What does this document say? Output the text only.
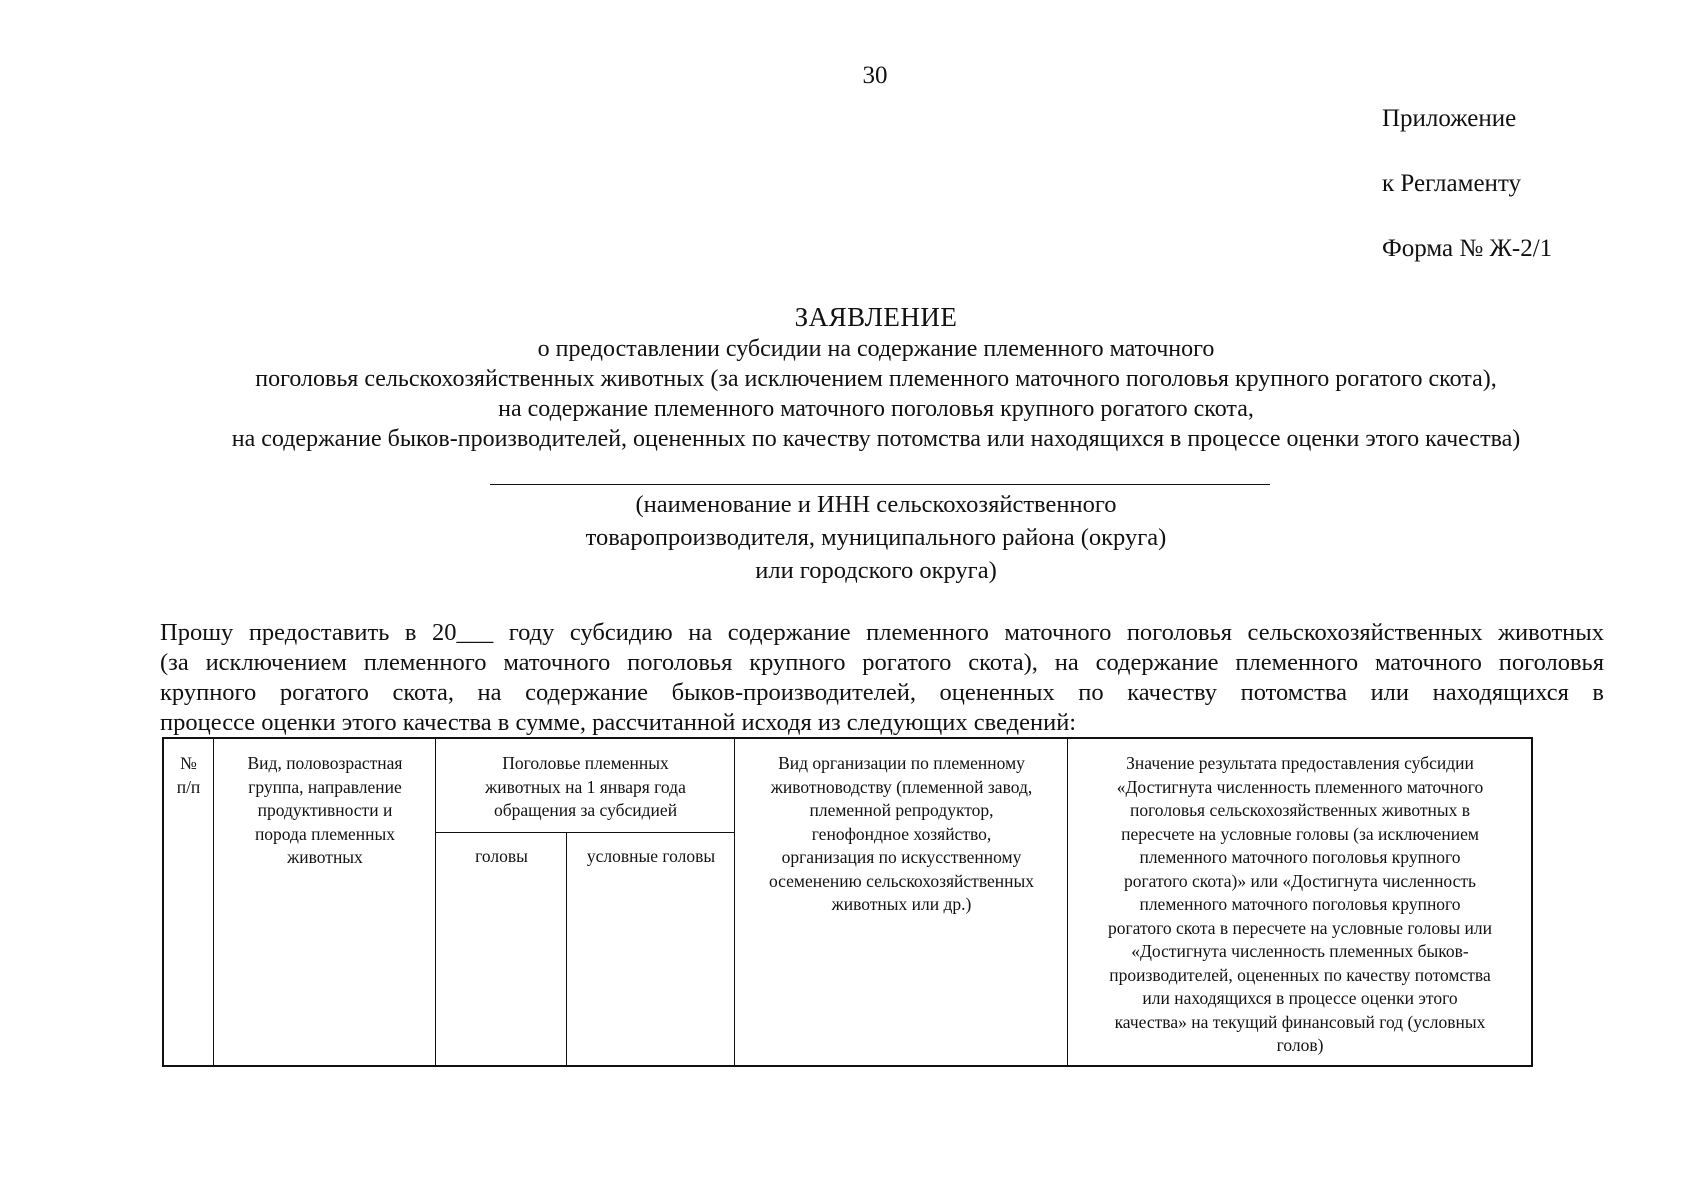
30
Приложение
к Регламенту
Форма № Ж-2/1
ЗАЯВЛЕНИЕ
о предоставлении субсидии на содержание племенного маточного
поголовья сельскохозяйственных животных (за исключением племенного маточного поголовья крупного рогатого скота),
на содержание племенного маточного поголовья крупного рогатого скота,
на содержание быков-производителей, оцененных по качеству потомства или находящихся в процессе оценки этого качества)
(наименование и ИНН сельскохозяйственного
товаропроизводителя, муниципального района (округа)
или городского округа)
Прошу предоставить в 20___ году субсидию на содержание племенного маточного поголовья сельскохозяйственных животных
(за исключением племенного маточного поголовья крупного рогатого скота), на содержание племенного маточного поголовья
крупного рогатого скота, на содержание быков-производителей, оцененных по качеству потомства или находящихся в
процессе оценки этого качества в сумме, рассчитанной исходя из следующих сведений:
№
п/п
Вид, половозрастная
группа, направление
продуктивности и
порода племенных
животных
Поголовье племенных
животных на 1 января года
обращения за субсидией
головы	условные головы
Вид организации по племенному
животноводству (племенной завод,
племенной репродуктор,
генофондное хозяйство,
организация по искусственному
осеменению сельскохозяйственных
животных или др.)
Значение результата предоставления субсидии
«Достигнута численность племенного маточного
поголовья сельскохозяйственных животных в
пересчете на условные головы (за исключением
племенного маточного поголовья крупного
рогатого скота)» или «Достигнута численность
племенного маточного поголовья крупного
рогатого скота в пересчете на условные головы или
«Достигнута численность племенных быков-
производителей, оцененных по качеству потомства
или находящихся в процессе оценки этого
качества» на текущий финансовый год (условных
голов)
